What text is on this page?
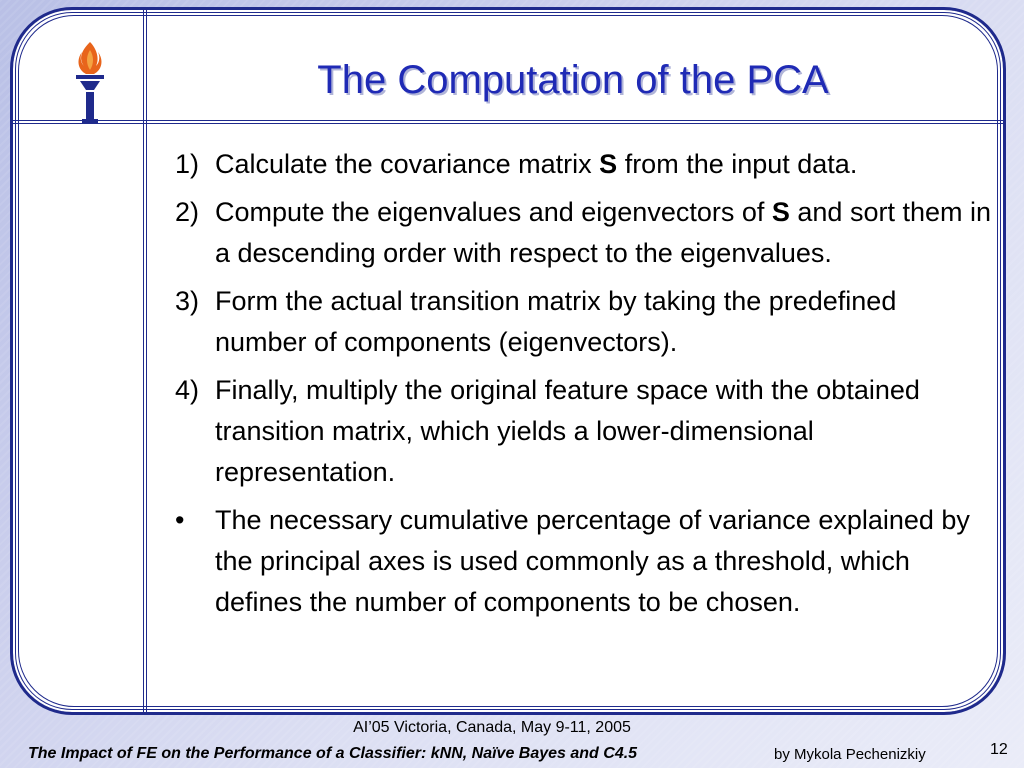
The Computation of the PCA
1) Calculate the covariance matrix S from the input data.
2) Compute the eigenvalues and eigenvectors of S and sort them in a descending order with respect to the eigenvalues.
3) Form the actual transition matrix by taking the predefined number of components (eigenvectors).
4) Finally, multiply the original feature space with the obtained transition matrix, which yields a lower-dimensional representation.
•	The necessary cumulative percentage of variance explained by the principal axes is used commonly as a threshold, which defines the number of components to be chosen.
AI’05 Victoria, Canada, May 9-11, 2005
The Impact of FE on the Performance of a Classifier: kNN, Naïve Bayes and C4.5	by Mykola Pechenizkiy	12
